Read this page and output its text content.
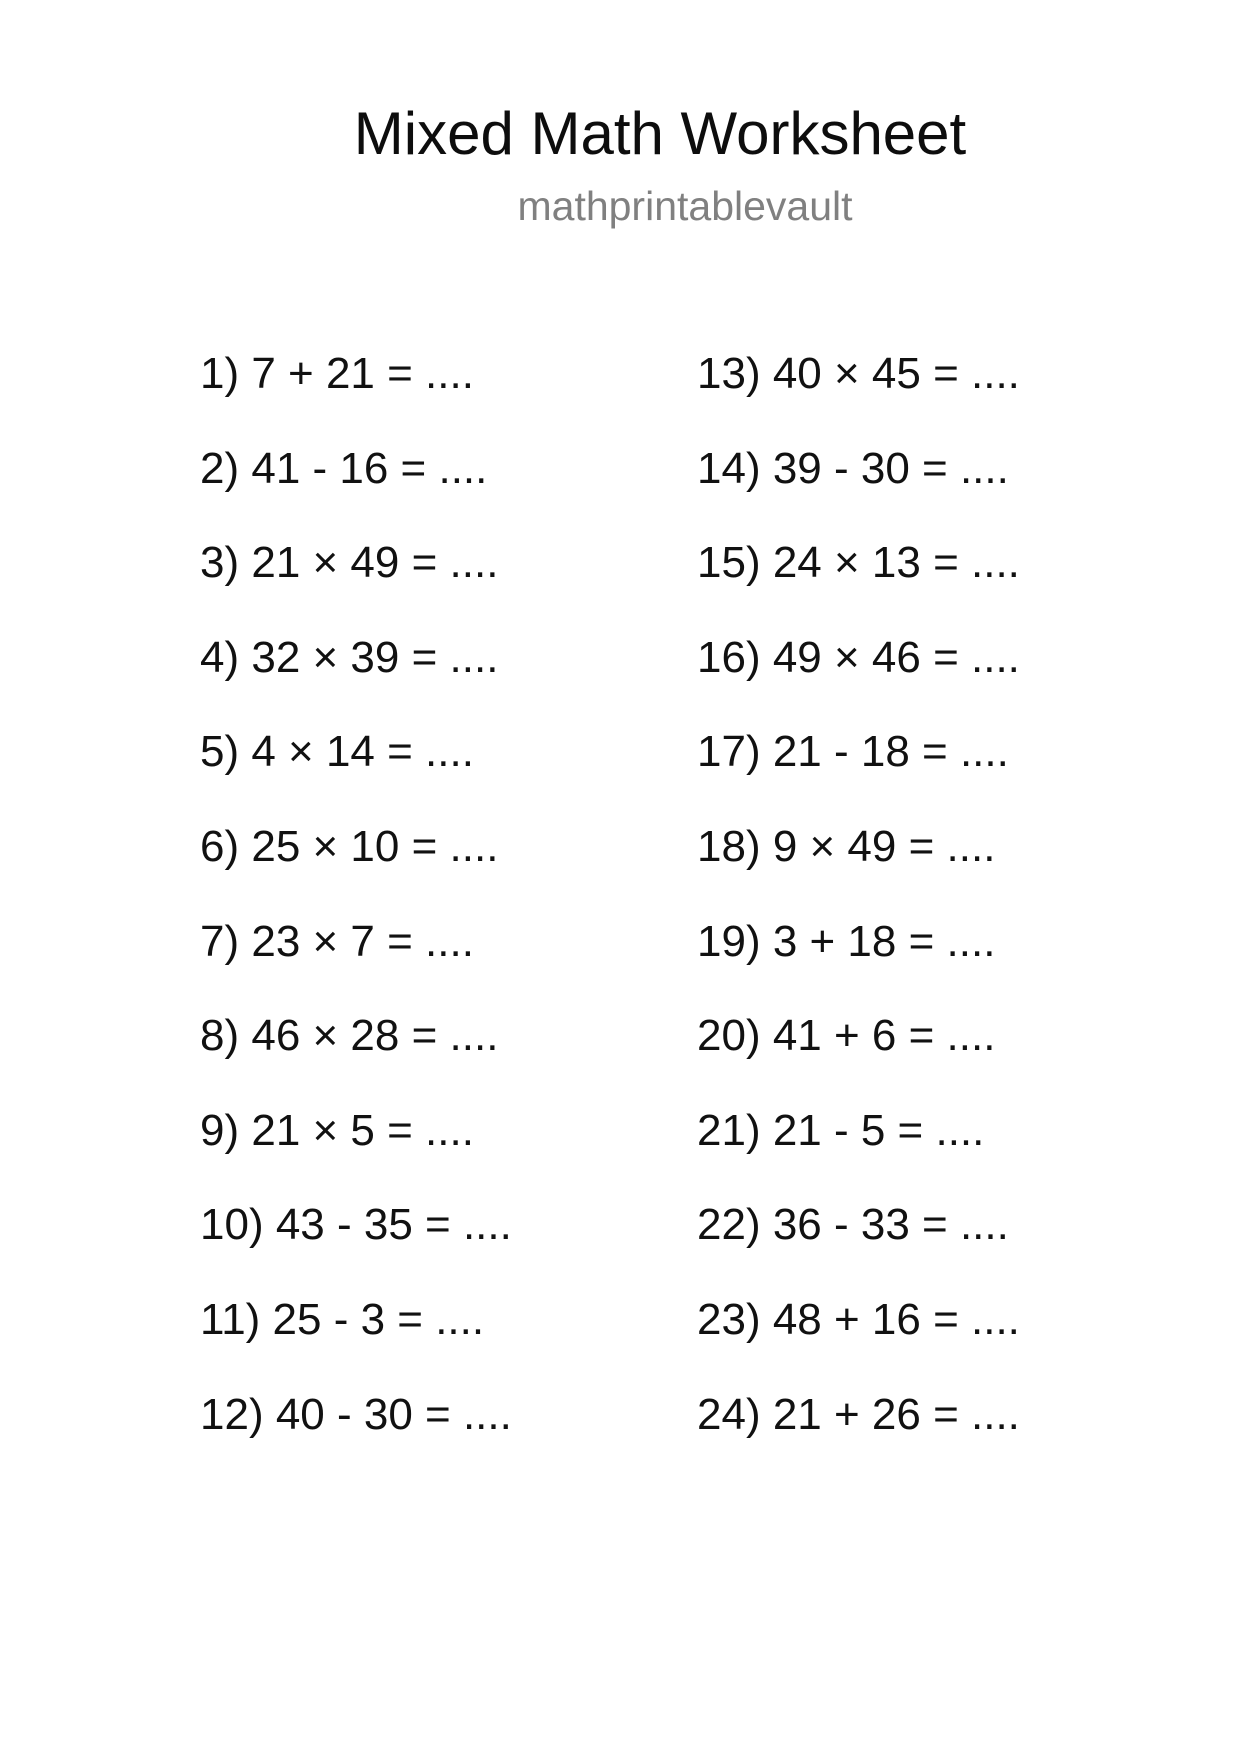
Mixed Math Worksheet
mathprintablevault
1) 7 + 21 = ....
2) 41 - 16 = ....
3) 21 × 49 = ....
4) 32 × 39 = ....
5) 4 × 14 = ....
6) 25 × 10 = ....
7) 23 × 7 = ....
8) 46 × 28 = ....
9) 21 × 5 = ....
10) 43 - 35 = ....
11) 25 - 3 = ....
12) 40 - 30 = ....
13) 40 × 45 = ....
14) 39 - 30 = ....
15) 24 × 13 = ....
16) 49 × 46 = ....
17) 21 - 18 = ....
18) 9 × 49 = ....
19) 3 + 18 = ....
20) 41 + 6 = ....
21) 21 - 5 = ....
22) 36 - 33 = ....
23) 48 + 16 = ....
24) 21 + 26 = ....
